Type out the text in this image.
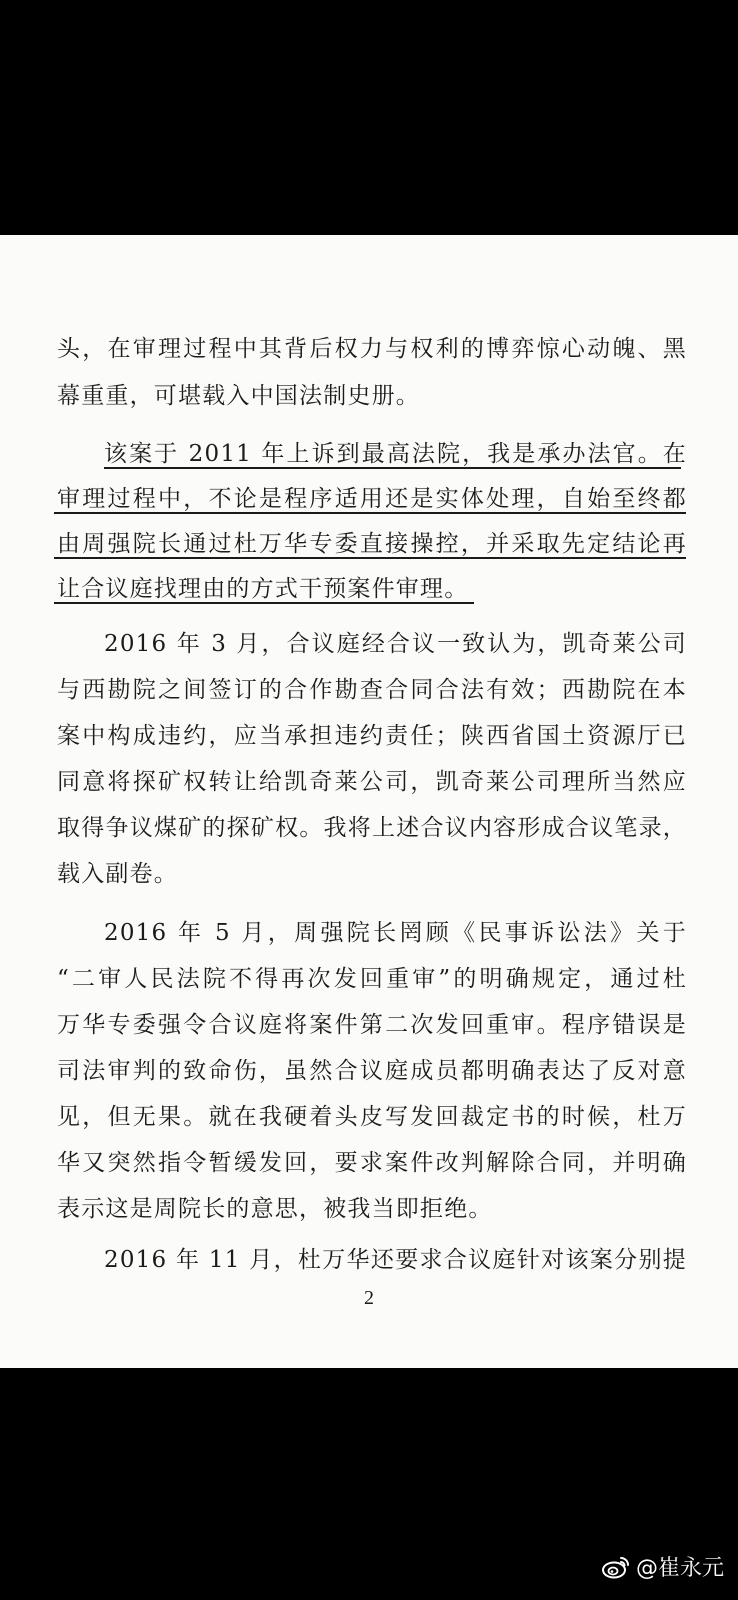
头，在审理过程中其背后权力与权利的博弈惊心动魄、黑
幕重重，可堪载入中国法制史册。
该案于 2011 年上诉到最高法院，我是承办法官。在
审理过程中，不论是程序适用还是实体处理，自始至终都
由周强院长通过杜万华专委直接操控，并采取先定结论再
让合议庭找理由的方式干预案件审理。
2016 年 3 月，合议庭经合议一致认为，凯奇莱公司
与西勘院之间签订的合作勘查合同合法有效；西勘院在本
案中构成违约，应当承担违约责任；陕西省国土资源厅已
同意将探矿权转让给凯奇莱公司，凯奇莱公司理所当然应
取得争议煤矿的探矿权。我将上述合议内容形成合议笔录，
载入副卷。
2016 年 5 月，周强院长罔顾《民事诉讼法》关于
“二审人民法院不得再次发回重审”的明确规定，通过杜
万华专委强令合议庭将案件第二次发回重审。程序错误是
司法审判的致命伤，虽然合议庭成员都明确表达了反对意
见，但无果。就在我硬着头皮写发回裁定书的时候，杜万
华又突然指令暂缓发回，要求案件改判解除合同，并明确
表示这是周院长的意思，被我当即拒绝。
2016 年 11 月，杜万华还要求合议庭针对该案分别提
2
@崔永元
